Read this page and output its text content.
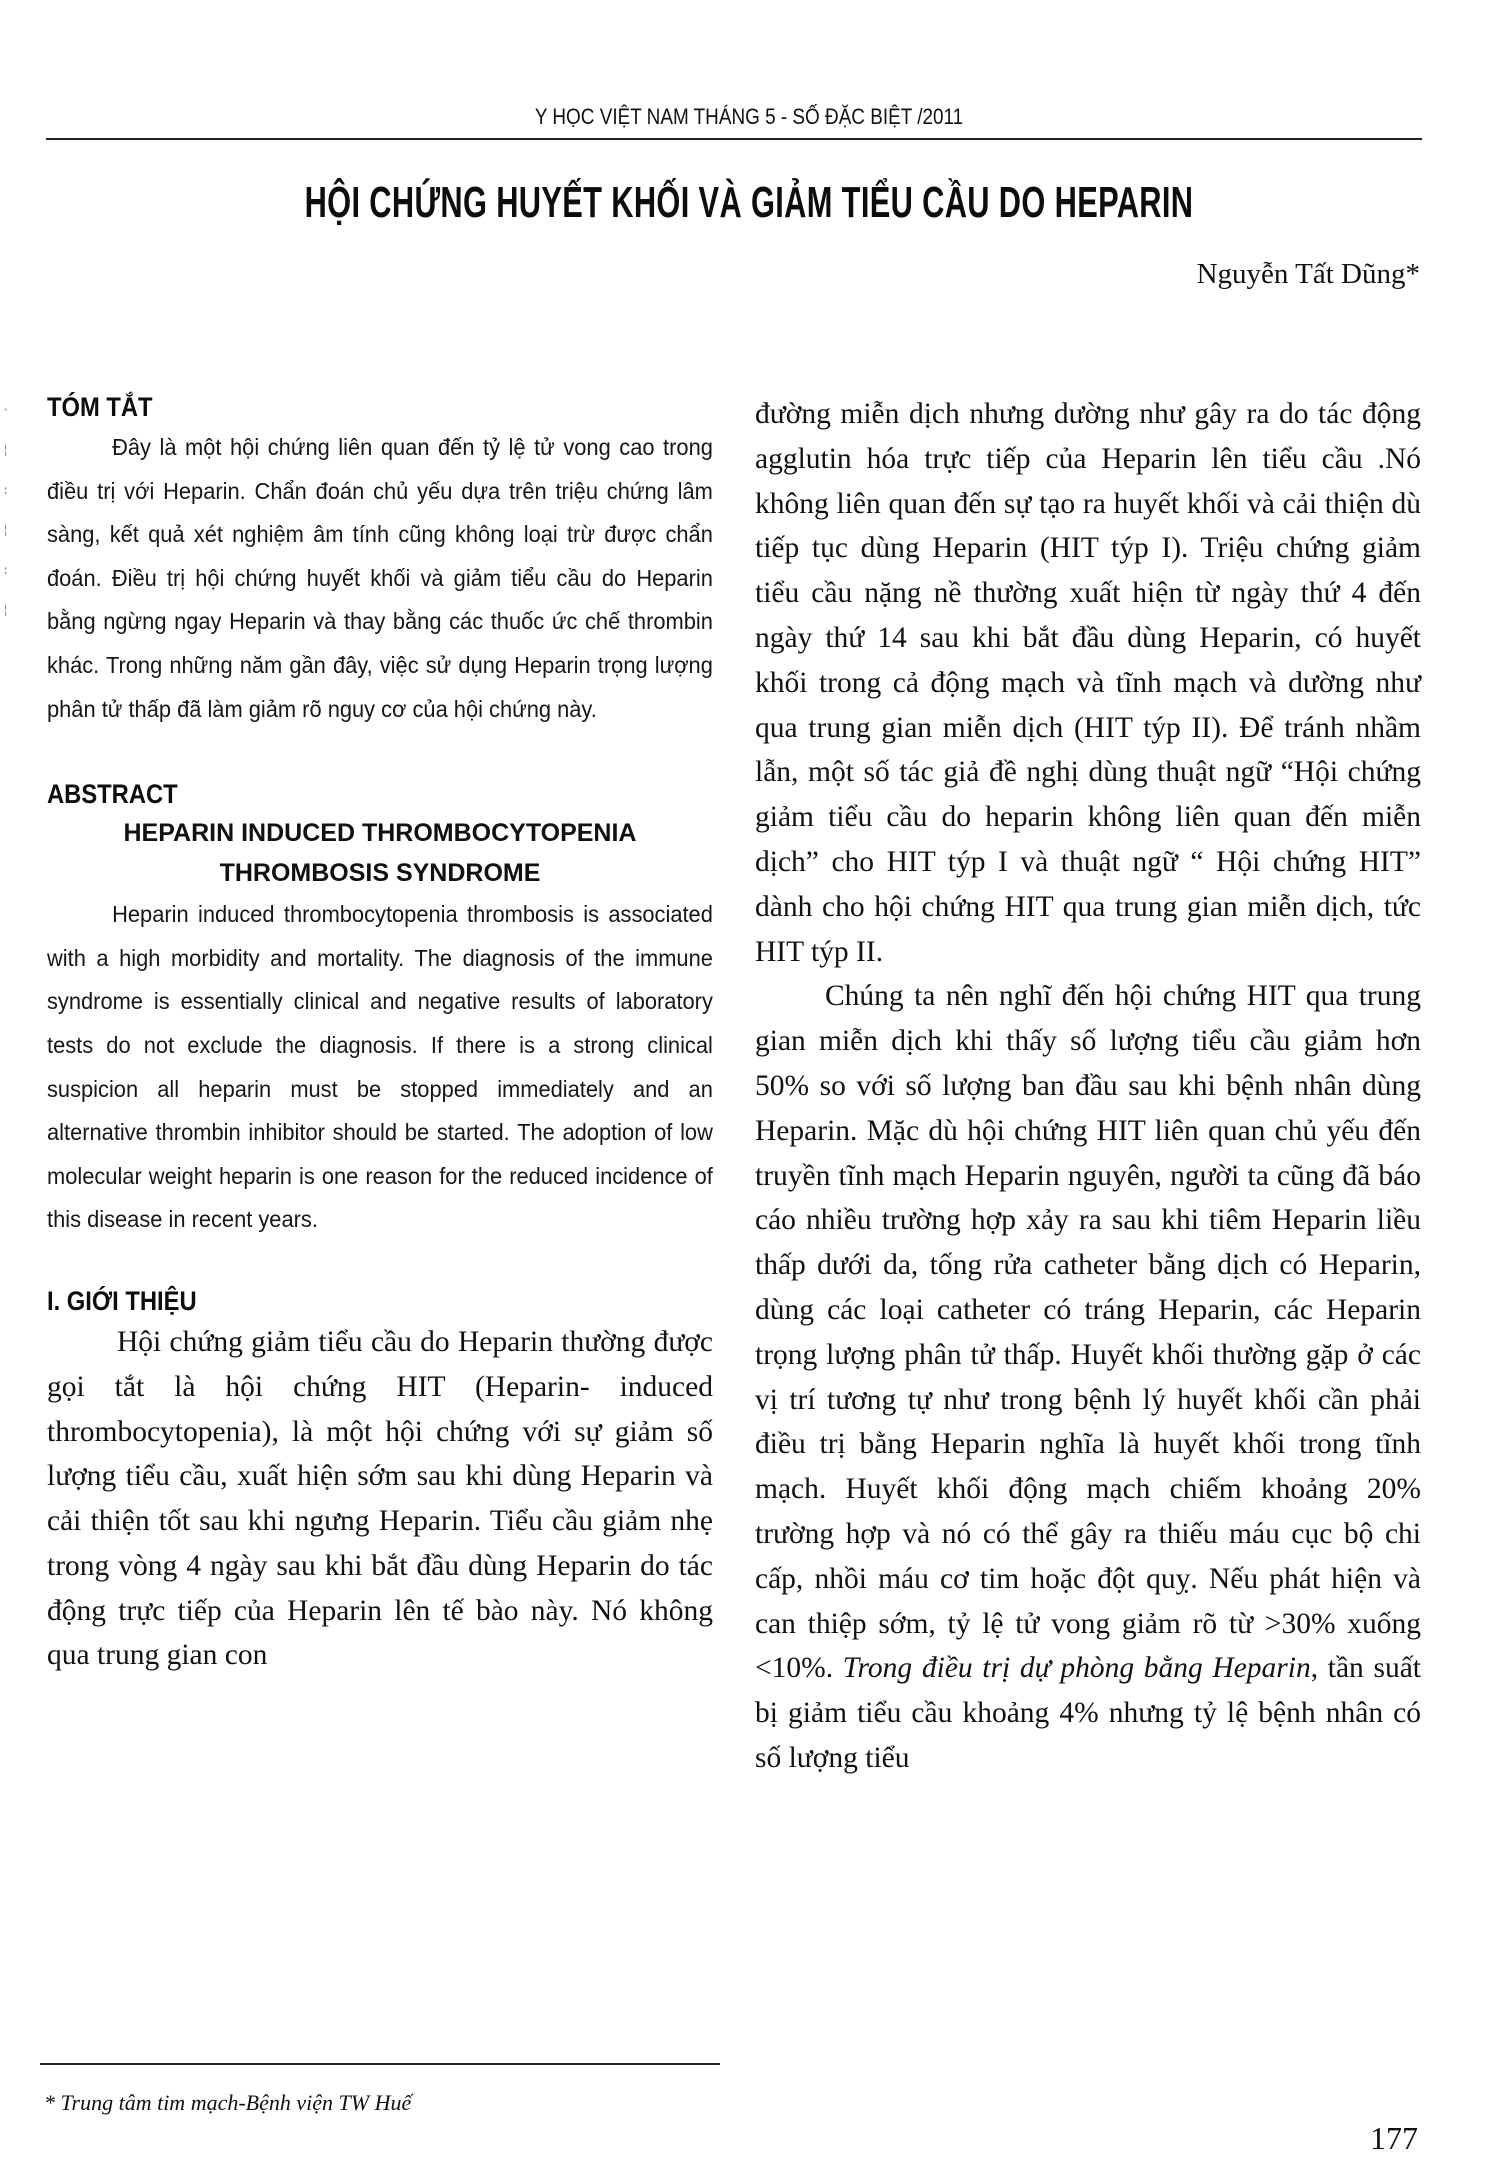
·
¦
:
¦
:
¦
Y HỌC VIỆT NAM THÁNG 5 - SỐ ĐẶC BIỆT /2011
HỘI CHỨNG HUYẾT KHỐI VÀ GIẢM TIỂU CẦU DO HEPARIN
Nguyễn Tất Dũng*
TÓM TẮT

Đây là một hội chứng liên quan đến tỷ lệ tử vong cao trong điều trị với Heparin. Chẩn đoán chủ yếu dựa trên triệu chứng lâm sàng, kết quả xét nghiệm âm tính cũng không loại trừ được chẩn đoán. Điều trị hội chứng huyết khối và giảm tiểu cầu do Heparin bằng ngừng ngay Heparin và thay bằng các thuốc ức chế thrombin khác. Trong những năm gần đây, việc sử dụng Heparin trọng lượng phân tử thấp đã làm giảm rõ nguy cơ của hội chứng này.

ABSTRACT

HEPARIN INDUCED THROMBOCYTOPENIA

THROMBOSIS SYNDROME

Heparin induced thrombocytopenia thrombosis is associated with a high morbidity and mortality. The diagnosis of the immune syndrome is essentially clinical and negative results of laboratory tests do not exclude the diagnosis. If there is a strong clinical suspicion all heparin must be stopped immediately and an alternative thrombin inhibitor should be started. The adoption of low molecular weight heparin is one reason for the reduced incidence of this disease in recent years.

I. GIỚI THIỆU

Hội chứng giảm tiểu cầu do Heparin thường được gọi tắt là hội chứng HIT (Heparin- induced thrombocytopenia), là một hội chứng với sự giảm số lượng tiểu cầu, xuất hiện sớm sau khi dùng Heparin và cải thiện tốt sau khi ngưng Heparin. Tiểu cầu giảm nhẹ trong vòng 4 ngày sau khi bắt đầu dùng Heparin do tác động trực tiếp của Heparin lên tế bào này. Nó không qua trung gian con

đường miễn dịch nhưng dường như gây ra do tác động agglutin hóa trực tiếp của Heparin lên tiểu cầu .Nó không liên quan đến sự tạo ra huyết khối và cải thiện dù tiếp tục dùng Heparin (HIT týp I). Triệu chứng giảm tiểu cầu nặng nề thường xuất hiện từ ngày thứ 4 đến ngày thứ 14 sau khi bắt đầu dùng Heparin, có huyết khối trong cả động mạch và tĩnh mạch và dường như qua trung gian miễn dịch (HIT týp II). Để tránh nhầm lẫn, một số tác giả đề nghị dùng thuật ngữ “Hội chứng giảm tiểu cầu do heparin không liên quan đến miễn dịch” cho HIT týp I và thuật ngữ “ Hội chứng HIT” dành cho hội chứng HIT qua trung gian miễn dịch, tức HIT týp II.

Chúng ta nên nghĩ đến hội chứng HIT qua trung gian miễn dịch khi thấy số lượng tiểu cầu giảm hơn 50% so với số lượng ban đầu sau khi bệnh nhân dùng Heparin. Mặc dù hội chứng HIT liên quan chủ yếu đến truyền tĩnh mạch Heparin nguyên, người ta cũng đã báo cáo nhiều trường hợp xảy ra sau khi tiêm Heparin liều thấp dưới da, tống rửa catheter bằng dịch có Heparin, dùng các loại catheter có tráng Heparin, các Heparin trọng lượng phân tử thấp. Huyết khối thường gặp ở các vị trí tương tự như trong bệnh lý huyết khối cần phải điều trị bằng Heparin nghĩa là huyết khối trong tĩnh mạch. Huyết khối động mạch chiếm khoảng 20% trường hợp và nó có thể gây ra thiếu máu cục bộ chi cấp, nhồi máu cơ tim hoặc đột quỵ. Nếu phát hiện và can thiệp sớm, tỷ lệ tử vong giảm rõ từ >30% xuống <10%. Trong điều trị dự phòng bằng Heparin, tần suất bị giảm tiểu cầu khoảng 4% nhưng tỷ lệ bệnh nhân có số lượng tiểu

* Trung tâm tim mạch-Bệnh viện TW Huế
177
